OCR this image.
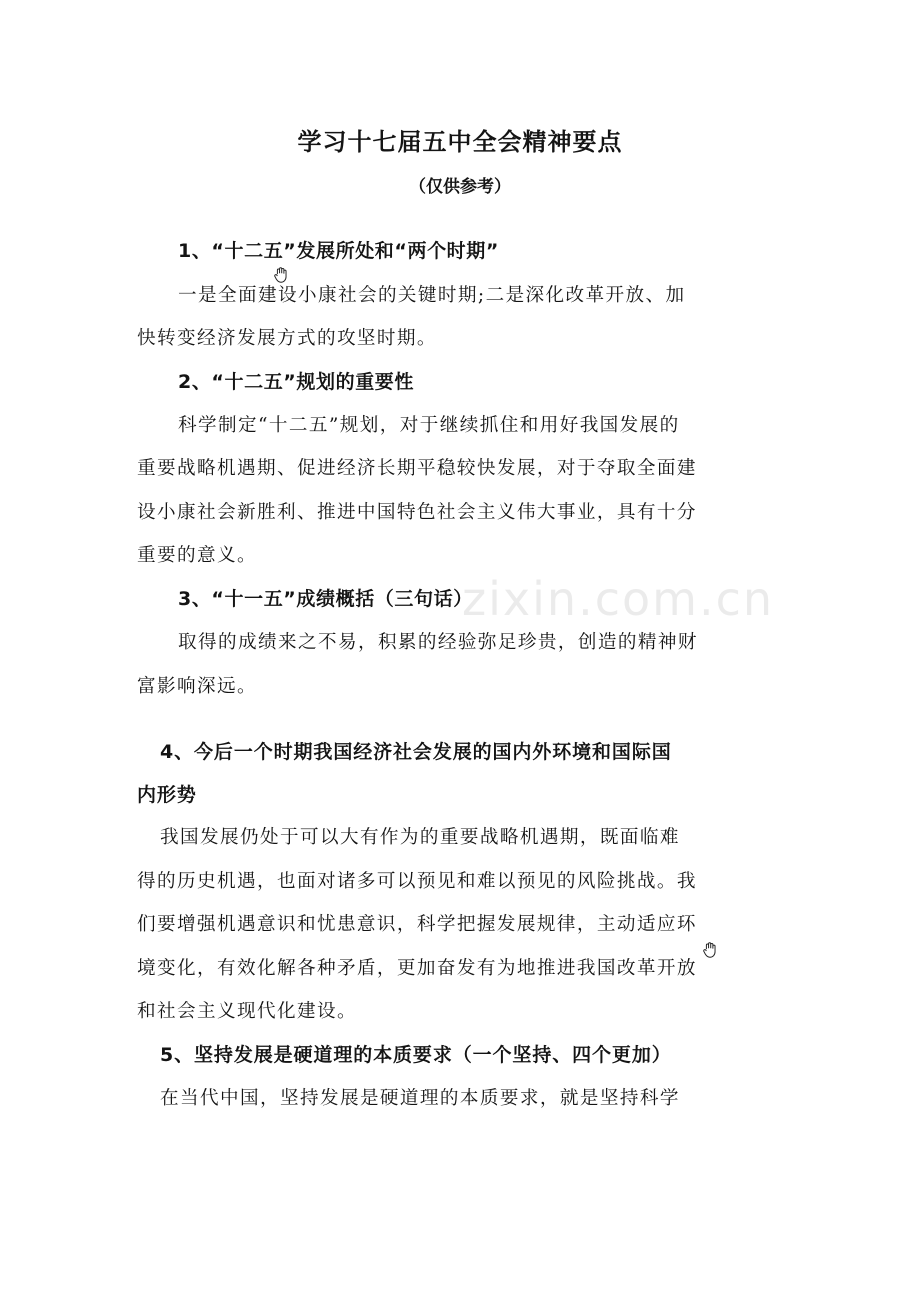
学习十七届五中全会精神要点
（仅供参考）
1、“十二五”发展所处和“两个时期”
一是全面建设小康社会的关键时期;二是深化改革开放、加
快转变经济发展方式的攻坚时期。
2、“十二五”规划的重要性
科学制定“十二五”规划，对于继续抓住和用好我国发展的
重要战略机遇期、促进经济长期平稳较快发展，对于夺取全面建
设小康社会新胜利、推进中国特色社会主义伟大事业，具有十分
重要的意义。
3、“十一五”成绩概括（三句话）
取得的成绩来之不易，积累的经验弥足珍贵，创造的精神财
富影响深远。
4、今后一个时期我国经济社会发展的国内外环境和国际国
内形势
我国发展仍处于可以大有作为的重要战略机遇期，既面临难
得的历史机遇，也面对诸多可以预见和难以预见的风险挑战。我
们要增强机遇意识和忧患意识，科学把握发展规律，主动适应环
境变化，有效化解各种矛盾，更加奋发有为地推进我国改革开放
和社会主义现代化建设。
5、坚持发展是硬道理的本质要求（一个坚持、四个更加）
在当代中国，坚持发展是硬道理的本质要求，就是坚持科学
zixin.com.cn
